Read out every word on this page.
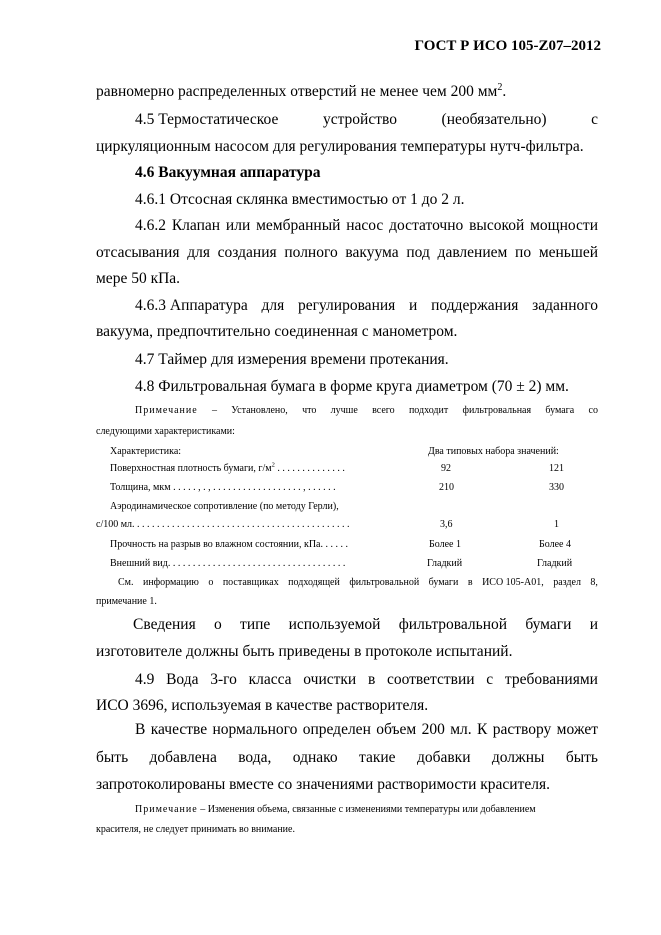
ГОСТ Р ИСО 105-Z07–2012
равномерно распределенных отверстий не менее чем 200 $мм^2$.
4.5 Термостатическое	устройство	(необязательно)	с
циркуляционным насосом для регулирования температуры нутч-фильтра.
4.6 Вакуумная аппаратура
4.6.1 Отсосная склянка вместимостью от 1 до 2 л.
4.6.2 Клапан или мембранный насос достаточно высокой мощности
отсасывания для создания полного вакуума под давлением по меньшей
мере 50 кПа.
4.6.3 Аппаратура для регулирования и поддержания заданного
вакуума, предпочтительно соединенная с манометром.
4.7 Таймер для измерения времени протекания.
4.8 Фильтровальная бумага в форме круга диаметром (70 ± 2) мм.
Примечание – Установлено, что лучше всего подходит фильтровальная бумага со
следующими характеристиками:
Характеристика:	Два типовых набора значений:
Поверхностная плотность бумаги, $г/м^2$ . . . . . . . . . . . . . .	92	121
Толщина, мкм . . . . . , . , . . . . . . . . . . . . . . . . . . , . . . . . .	210	330
Аэродинамическое сопротивление (по методу Герли),
с/100 мл. . . . . . . . . . . . . . . . . . . . . . . . . . . . . . . . . . . . . . . . . . . .	3,6	1
Прочность на разрыв во влажном состоянии, кПа. . . . . .	Более 1	Более 4
Внешний вид. . . . . . . . . . . . . . . . . . . . . . . . . . . . . . . . . . . .	Гладкий	Гладкий
См. информацию о поставщиках подходящей фильтровальной бумаги в ИСО 105-А01, раздел 8,
примечание 1.
Сведения о типе используемой фильтровальной бумаги и
изготовителе должны быть приведены в протоколе испытаний.
4.9 Вода 3-го класса очистки в соответствии с требованиями
ИСО 3696, используемая в качестве растворителя.
В качестве нормального определен объем 200 мл. К раствору может
быть добавлена вода, однако такие добавки должны быть
запротоколированы вместе со значениями растворимости красителя.
Примечание – Изменения объема, связанные с изменениями температуры или добавлением
красителя, не следует принимать во внимание.
